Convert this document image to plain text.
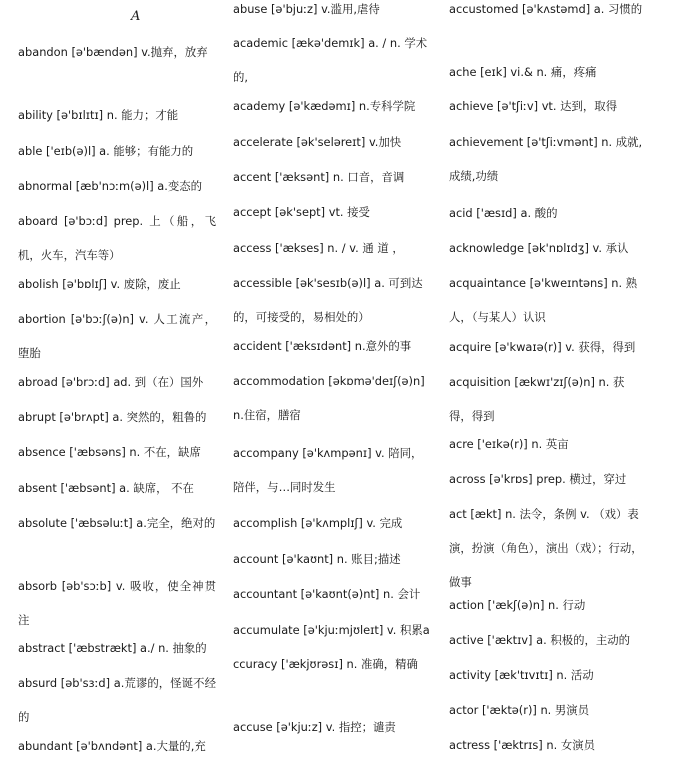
A

abandon [ə'bændən] v.抛弃，放弃

ability [ə'bɪlɪtɪ] n. 能力；才能

able ['eɪb(ə)l] a. 能够；有能力的

abnormal [æb'nɔːm(ə)l] a.变态的

aboard [ə'bɔːd] prep. 上（船，飞机，火车，汽车等）

abolish [ə'bɒlɪʃ] v. 废除，废止

abortion [ə'bɔːʃ(ə)n] v. 人工流产，堕胎

abroad [ə'brɔːd] ad. 到（在）国外

abrupt [ə'brʌpt] a. 突然的，粗鲁的

absence ['æbsəns] n. 不在，缺席

absent ['æbsənt] a. 缺席， 不在

absolute ['æbsəluːt] a.完全，绝对的

absorb [əb'sɔːb] v. 吸收，使全神贯注

abstract ['æbstrækt] a./ n. 抽象的

absurd [əb'sɜːd] a.荒谬的，怪诞不经的

abundant [ə'bʌndənt] a.大量的,充

abuse [ə'bjuːz] v.滥用,虐待

academic [ækə'demɪk] a. / n. 学术的,

academy [ə'kædəmɪ] n.专科学院

accelerate [ək'seləreɪt] v.加快

accent ['æksənt] n. 口音，音调

accept [ək'sept] vt. 接受

access ['ækses] n. / v. 通 道 ，

accessible [ək'sesɪb(ə)l] a. 可到达的，可接受的，易相处的）

accident ['æksɪdənt] n.意外的事

accommodation [əkɒmə'deɪʃ(ə)n] n.住宿，膳宿

accompany [ə'kʌmpənɪ] v. 陪同，陪伴，与…同时发生

accomplish [ə'kʌmplɪʃ] v. 完成

account [ə'kaʊnt] n. 账目;描述

accountant [ə'kaʊnt(ə)nt] n. 会计

accumulate [ə'kjuːmjʊleɪt] v. 积累accuracy ['ækjʊrəsɪ] n. 准确，精确

accuse [ə'kjuːz] v. 指控；谴责

accustomed [ə'kʌstəmd] a. 习惯的

ache [eɪk] vi.& n. 痛，疼痛

achieve [ə'tʃiːv] vt. 达到，取得

achievement [ə'tʃiːvmənt] n. 成就,成绩,功绩

acid ['æsɪd] a. 酸的

acknowledge [ək'nɒlɪdʒ] v. 承认

acquaintance [ə'kweɪntəns] n. 熟人，（与某人）认识

acquire [ə'kwaɪə(r)] v. 获得，得到

acquisition [ækwɪ'zɪʃ(ə)n] n. 获得，得到

acre ['eɪkə(r)] n. 英亩

across [ə'krɒs] prep. 横过，穿过

act [ækt] n. 法令，条例 v. （戏）表演，扮演（角色），演出（戏）；行动，做事

action ['ækʃ(ə)n] n. 行动

active ['æktɪv] a. 积极的，主动的

activity [æk'tɪvɪtɪ] n. 活动

actor ['æktə(r)] n. 男演员

actress ['æktrɪs] n. 女演员
